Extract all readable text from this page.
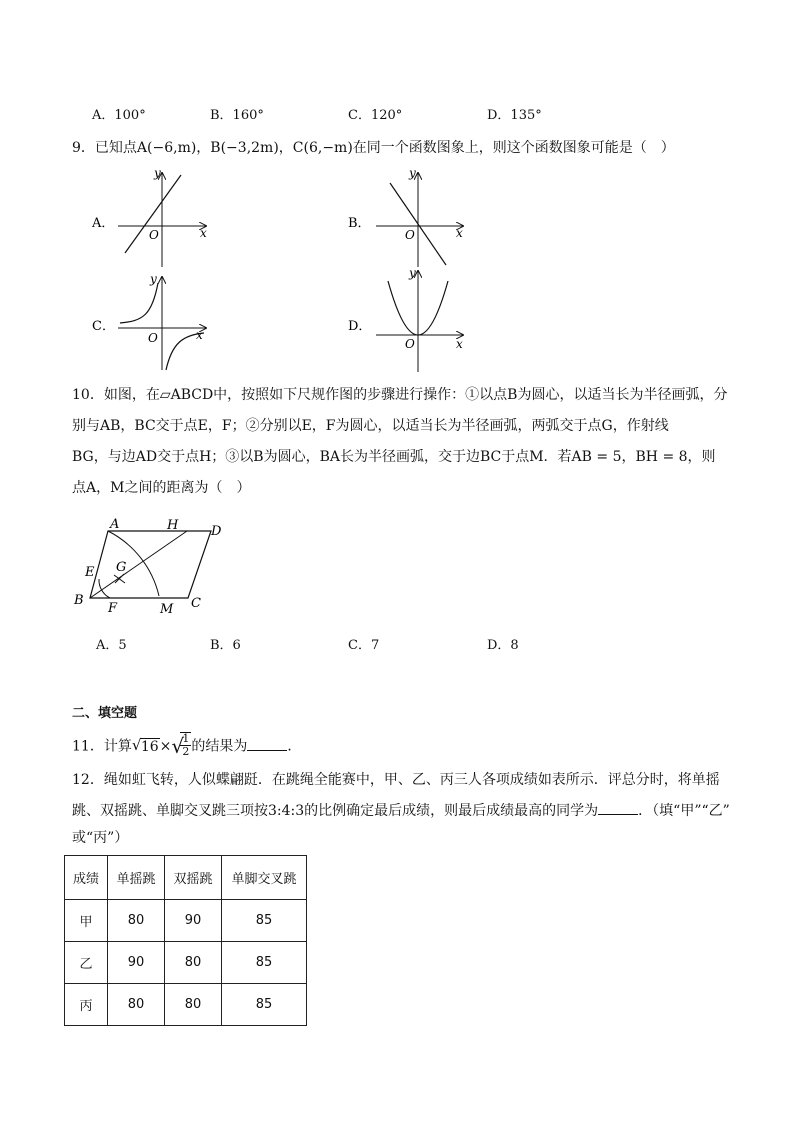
A．100°	B．160°	C．120°	D．135°
9．已知点A(−6,m)，B(−3,2m)，C(6,−m)在同一个函数图象上，则这个函数图象可能是（　）
A．
y
x
O
B．
y
x
O
C．
y
x
O
D．
y
x
O
10．如图，在▱ABCD中，按照如下尺规作图的步骤进行操作：①以点B为圆心，以适当长为半径画弧，分
别与AB，BC交于点E，F；②分别以E，F为圆心，以适当长为半径画弧，两弧交于点G，作射线
BG，与边AD交于点H；③以B为圆心，BA长为半径画弧，交于边BC于点M．若AB = 5，BH = 8，则
点A，M之间的距离为（　）
A	H	D
E G
B
F	M C
A．5	B．6	C．7	D．8
二、填空题
11．计算 √ 16× √
$\frac{1}{2}$ 的结果为	．
12．绳如虹飞转，人似蝶翩跹．在跳绳全能赛中，甲、乙、丙三人各项成绩如表所示．评总分时，将单摇
跳、双摇跳、单脚交叉跳三项按3:4:3的比例确定最后成绩，则最后成绩最高的同学为	．（填“甲”“乙”
或“丙”）
成绩	单摇跳	双摇跳	单脚交叉跳
甲	80	90	85
乙	90	80	85
丙	80	80	85
